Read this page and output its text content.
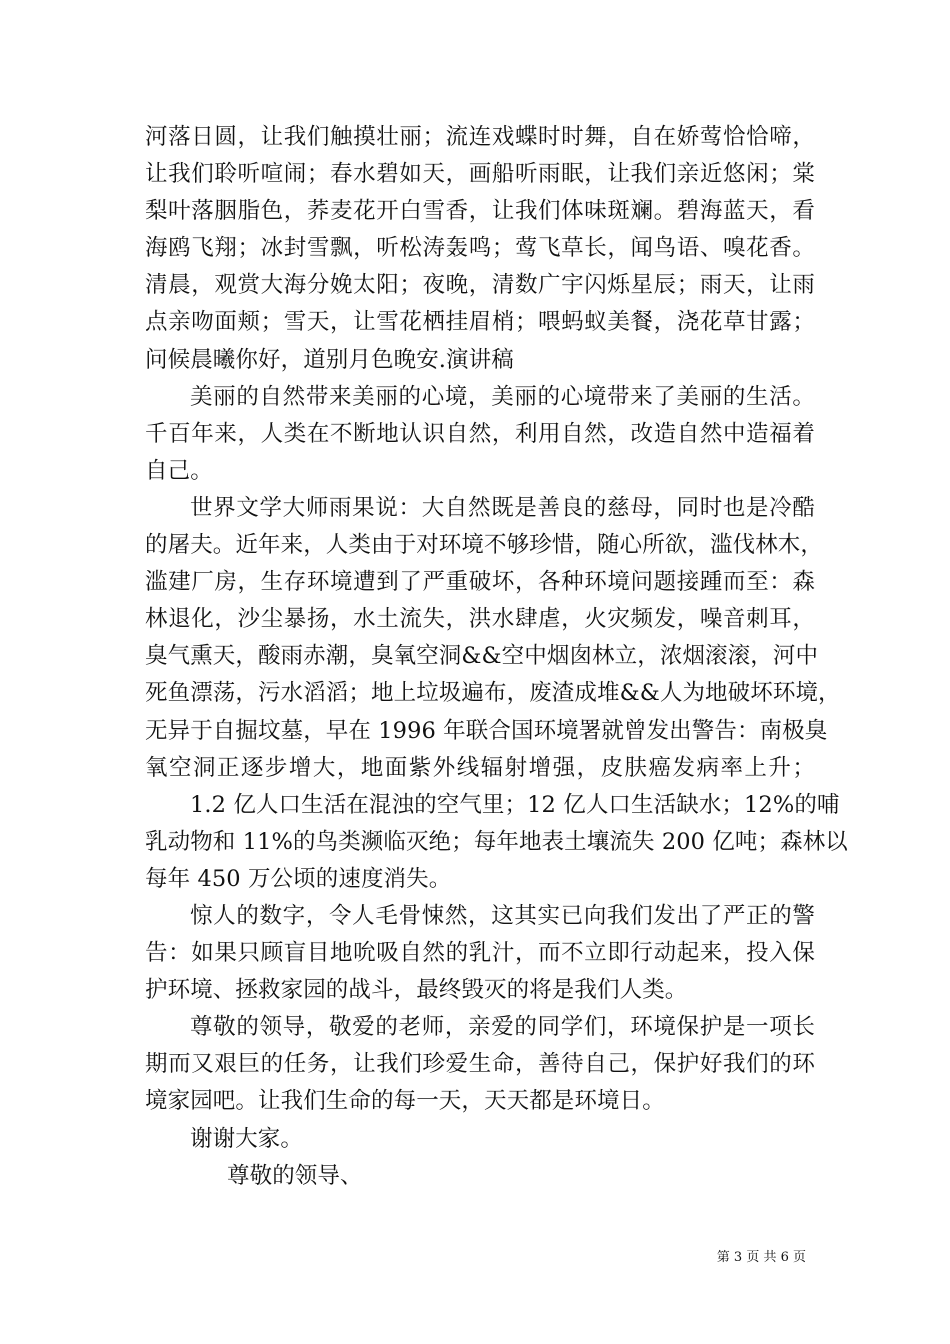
河落日圆，让我们触摸壮丽；流连戏蝶时时舞，自在娇莺恰恰啼，
让我们聆听喧闹；春水碧如天，画船听雨眠，让我们亲近悠闲；棠
梨叶落胭脂色，荞麦花开白雪香，让我们体味斑斓。碧海蓝天，看
海鸥飞翔；冰封雪飘，听松涛轰鸣；莺飞草长，闻鸟语、嗅花香。
清晨，观赏大海分娩太阳；夜晚，清数广宇闪烁星辰；雨天，让雨
点亲吻面颊；雪天，让雪花栖挂眉梢；喂蚂蚁美餐，浇花草甘露；
问候晨曦你好，道别月色晚安.演讲稿
美丽的自然带来美丽的心境，美丽的心境带来了美丽的生活。
千百年来，人类在不断地认识自然，利用自然，改造自然中造福着
自己。
世界文学大师雨果说：大自然既是善良的慈母，同时也是冷酷
的屠夫。近年来，人类由于对环境不够珍惜，随心所欲，滥伐林木，
滥建厂房，生存环境遭到了严重破坏，各种环境问题接踵而至：森
林退化，沙尘暴扬，水土流失，洪水肆虐，火灾频发，噪音刺耳，
臭气熏天，酸雨赤潮，臭氧空洞&&空中烟囱林立，浓烟滚滚，河中
死鱼漂荡，污水滔滔；地上垃圾遍布，废渣成堆&&人为地破坏环境，
无异于自掘坟墓，早在 1996 年联合国环境署就曾发出警告：南极臭
氧空洞正逐步增大，地面紫外线辐射增强，皮肤癌发病率上升；
1.2 亿人口生活在混浊的空气里；12 亿人口生活缺水；12%的哺
乳动物和 11%的鸟类濒临灭绝；每年地表土壤流失 200 亿吨；森林以
每年 450 万公顷的速度消失。
惊人的数字，令人毛骨悚然，这其实已向我们发出了严正的警
告：如果只顾盲目地吮吸自然的乳汁，而不立即行动起来，投入保
护环境、拯救家园的战斗，最终毁灭的将是我们人类。
尊敬的领导，敬爱的老师，亲爱的同学们，环境保护是一项长
期而又艰巨的任务，让我们珍爱生命，善待自己，保护好我们的环
境家园吧。让我们生命的每一天，天天都是环境日。
谢谢大家。
尊敬的领导、
第 3 页 共 6 页
